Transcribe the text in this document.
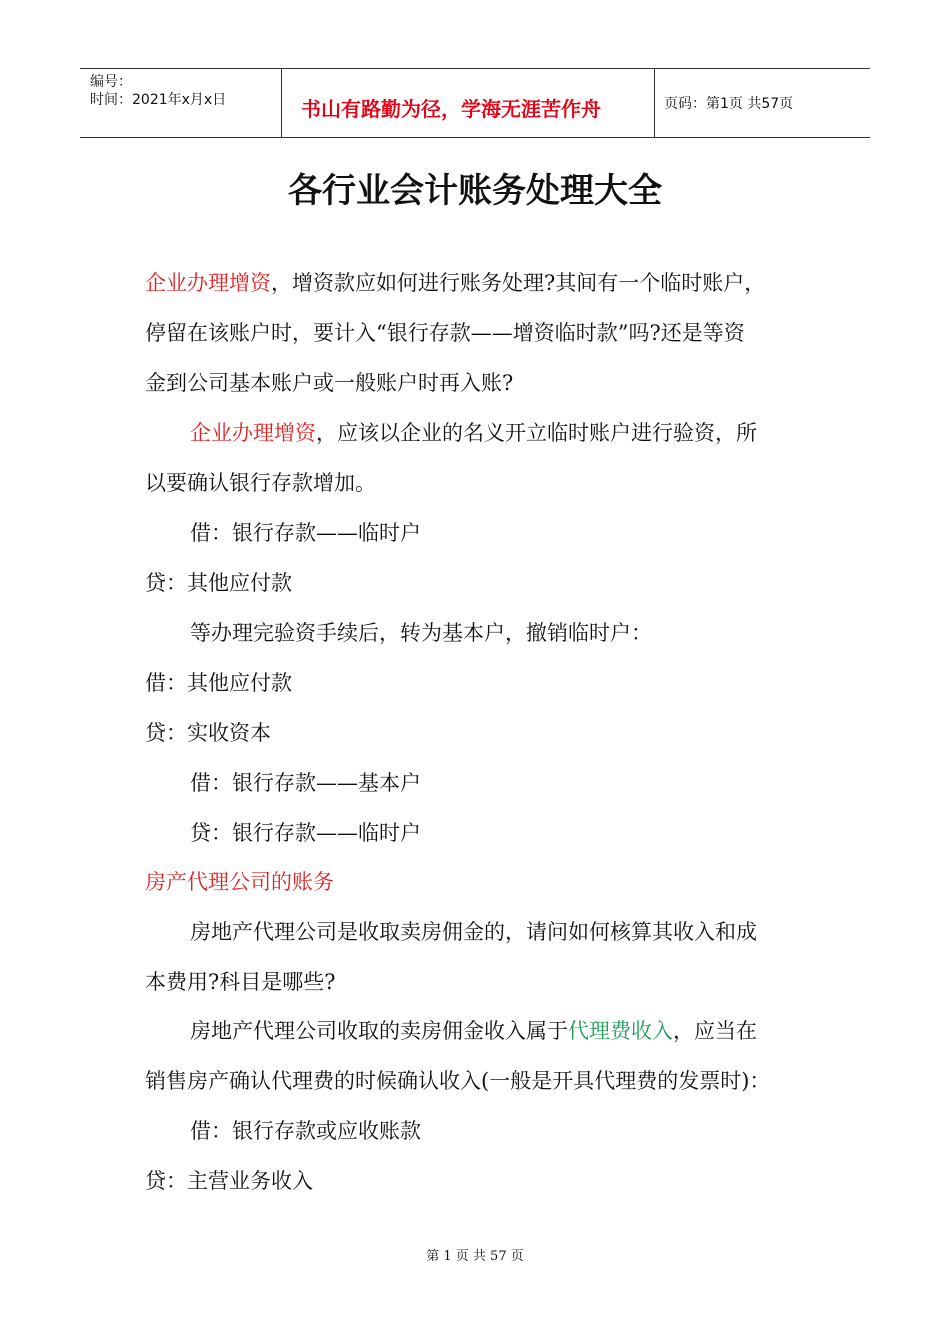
编号：
时间：2021年x月x日	书山有路勤为径，学海无涯苦作舟	页码：第1页 共57页
各行业会计账务处理大全
企业办理增资，增资款应如何进行账务处理?其间有一个临时账户，
停留在该账户时，要计入“银行存款——增资临时款”吗?还是等资
金到公司基本账户或一般账户时再入账?
企业办理增资，应该以企业的名义开立临时账户进行验资，所
以要确认银行存款增加。
借：银行存款——临时户
贷：其他应付款
等办理完验资手续后，转为基本户，撤销临时户：
借：其他应付款
贷：实收资本
借：银行存款——基本户
贷：银行存款——临时户
房产代理公司的账务
房地产代理公司是收取卖房佣金的，请问如何核算其收入和成
本费用?科目是哪些?
房地产代理公司收取的卖房佣金收入属于代理费收入，应当在
销售房产确认代理费的时候确认收入(一般是开具代理费的发票时)：
借：银行存款或应收账款
贷：主营业务收入
第 1 页 共 57 页
